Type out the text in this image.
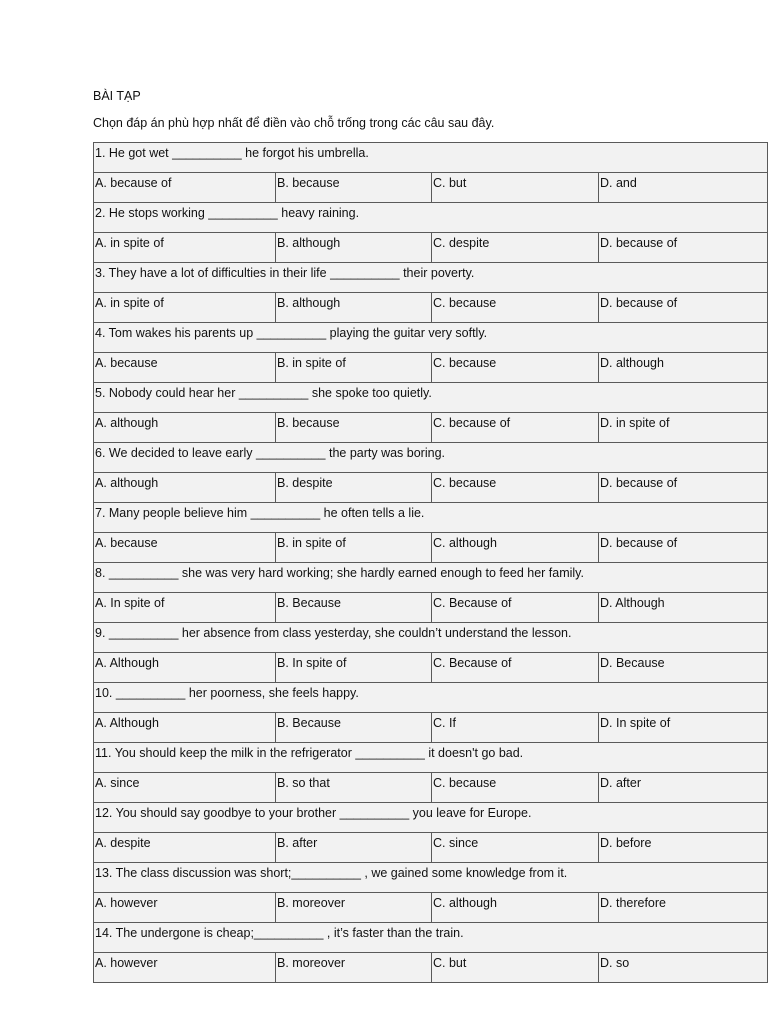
BÀI TẠP
Chọn đáp án phù hợp nhất để điền vào chỗ trống trong các câu sau đây.
1. He got wet __________ he forgot his umbrella.			
A. because of	B. because	C. but	D. and
2. He stops working __________ heavy raining.			
A. in spite of	B. although	C. despite	D. because of
3. They have a lot of difficulties in their life __________ their poverty.			
A. in spite of	B. although	C. because	D. because of
4. Tom wakes his parents up __________ playing the guitar very softly.			
A. because	B. in spite of	C. because	D. although
5. Nobody could hear her __________ she spoke too quietly.			
A. although	B. because	C. because of	D. in spite of
6. We decided to leave early __________ the party was boring.			
A. although	B. despite	C. because	D. because of
7. Many people believe him __________ he often tells a lie.			
A. because	B. in spite of	C. although	D. because of
8. __________ she was very hard working; she hardly earned enough to feed her family.			
A. In spite of	B. Because	C. Because of	D. Although
9. __________ her absence from class yesterday, she couldn’t understand the lesson.			
A. Although	B. In spite of	C. Because of	D. Because
10. __________ her poorness, she feels happy.			
A. Although	B. Because	C. If	D. In spite of
11. You should keep the milk in the refrigerator __________ it doesn't go bad.			
A. since	B. so that	C. because	D. after
12. You should say goodbye to your brother __________ you leave for Europe.			
A. despite	B. after	C. since	D. before
13. The class discussion was short;__________ , we gained some knowledge from it.			
A. however	B. moreover	C. although	D. therefore
14. The undergone is cheap;__________ , it’s faster than the train.			
A. however	B. moreover	C. but	D. so
